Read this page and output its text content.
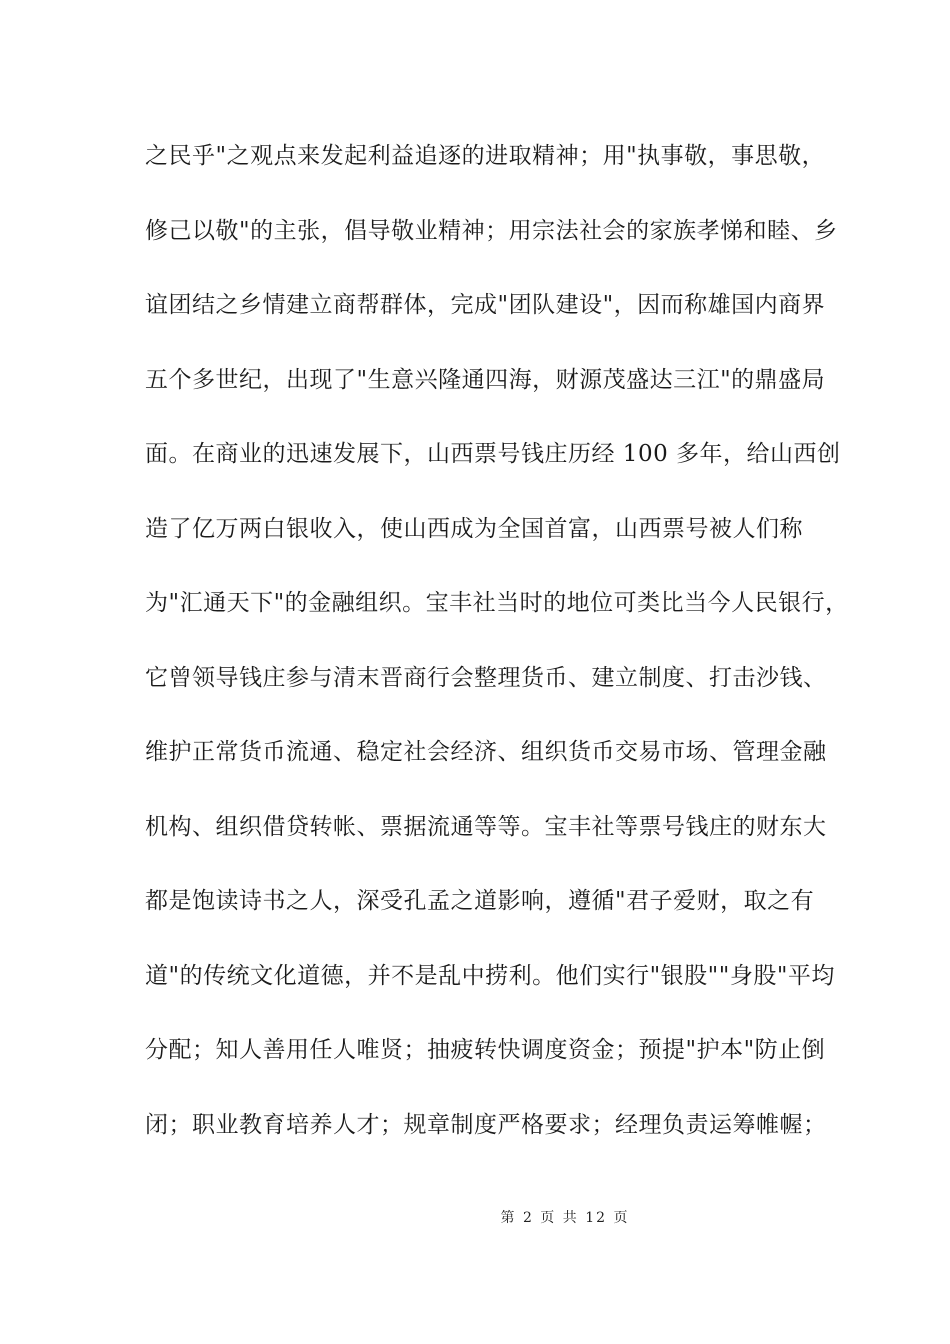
之民乎"之观点来发起利益追逐的进取精神；用"执事敬，事思敬，
修己以敬"的主张，倡导敬业精神；用宗法社会的家族孝悌和睦、乡
谊团结之乡情建立商帮群体，完成"团队建设"，因而称雄国内商界
五个多世纪，出现了"生意兴隆通四海，财源茂盛达三江"的鼎盛局
面。在商业的迅速发展下，山西票号钱庄历经 100 多年，给山西创
造了亿万两白银收入，使山西成为全国首富，山西票号被人们称
为"汇通天下"的金融组织。宝丰社当时的地位可类比当今人民银行，
它曾领导钱庄参与清末晋商行会整理货币、建立制度、打击沙钱、
维护正常货币流通、稳定社会经济、组织货币交易市场、管理金融
机构、组织借贷转帐、票据流通等等。宝丰社等票号钱庄的财东大
都是饱读诗书之人，深受孔孟之道影响，遵循"君子爱财，取之有
道"的传统文化道德，并不是乱中捞利。他们实行"银股""身股"平均
分配；知人善用任人唯贤；抽疲转快调度资金；预提"护本"防止倒
闭；职业教育培养人才；规章制度严格要求；经理负责运筹帷幄；
第 2 页 共 12 页
